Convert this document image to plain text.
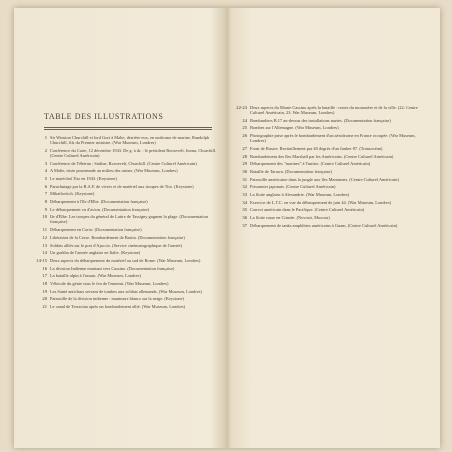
TABLE DES ILLUSTRATIONS
1 Sir Winston Churchill et lord Gort à Malte, derrière eux, en uniforme de marine, Randolph Churchill, fils du Premier ministre. (War Museum, Londres)
2 Conférence du Caire, 12 décembre 1943. De g. à dr. : le président Roosevelt, Inonu, Churchill. (Centre Culturel Américain)
3 Conférence de Téhéran : Staline, Roosevelt, Churchill. (Centre Culturel Américain)
4 A Malte, triste promenade au milieu des ruines. (War Museum, Londres)
5 Le maréchal Tito en 1943. (Keystone)
6 Parachutage par la R.A.F. de vivres et de matériel aux troupes de Tito. (Keystone)
7 Mihailovitch. (Keystone)
8 Débarquement à l'île d'Elbe. (Documentation française)
9 Le débarquement vu d'avion. (Documentation française)
10 Ile d'Elbe. Les troupes du général de Lattre de Tassigny gagnent la plage. (Documentation française)
11 Débarquement en Corse. (Documentation française)
12 Libération de la Corse. Bombardement de Bastia. (Documentation française)
13 Soldats alliés sur le port d'Ajaccio. (Service cinématographique de l'armée)
14 Un gurkha de l'armée anglaise en Italie. (Keystone)
14-15 Deux aspects du débarquement du matériel au sud de Rome. (War Museum, Londres)
16 La division Indienne montant vers Cassino. (Documentation française)
17 La bataille alpin à l'assaut. (War Museum, Londres)
18 Véhicule du génie sous le feu de l'ennemi. (War Museum, Londres)
19 Les Santé antichars servant de tombes aux soldats allemands. (War Museum, Londres)
20 Patrouille de la division indienne : manteaux blancs sur la neige. (Keystone)
21 Le canal de Terracina après un bombardement allié. (War Museum, Londres)
22-23 Deux aspects du Monte Cassino après la bataille : restes du monastère et de la ville. (22: Centre Culturel Américain, 23: War Museum, Londres)
24 Bombardiers B.17 au-dessus des installations nazies. (Documentation française)
25 Bombes sur l'Allemagne. (War Museum, Londres)
26 Photographie prise après le bombardement d'un aérodrome en France occupée. (War Museum, Londres)
27 Front de Russie. Ravitaillement par 40 degrés d'un Junker 87. (Transocéan)
28 Bombardement des îles Marshall par les Américains. (Centre Culturel Américain)
29 Débarquement des "marines" à Tunisie. (Centre Culturel Américain)
30 Bataille de Tarawa. (Documentation française)
31 Patrouille américaine dans la jungle aux îles Mariannes. (Centre Culturel Américain)
32 Prisonnier japonais. (Centre Culturel Américain)
33 La flotte anglaise à Alexandrie. (War Museum, Londres)
34 Exercice de L.T.C. en vue du débarquement de juin 44. (War Museum, Londres)
35 Convoi américain dans le Pacifique. (Centre Culturel Américain)
36 La flotte russe en Crimée. (Novosti, Moscou)
37 Débarquement de tanks amphibies américains à Guam. (Centre Culturel Américain)
